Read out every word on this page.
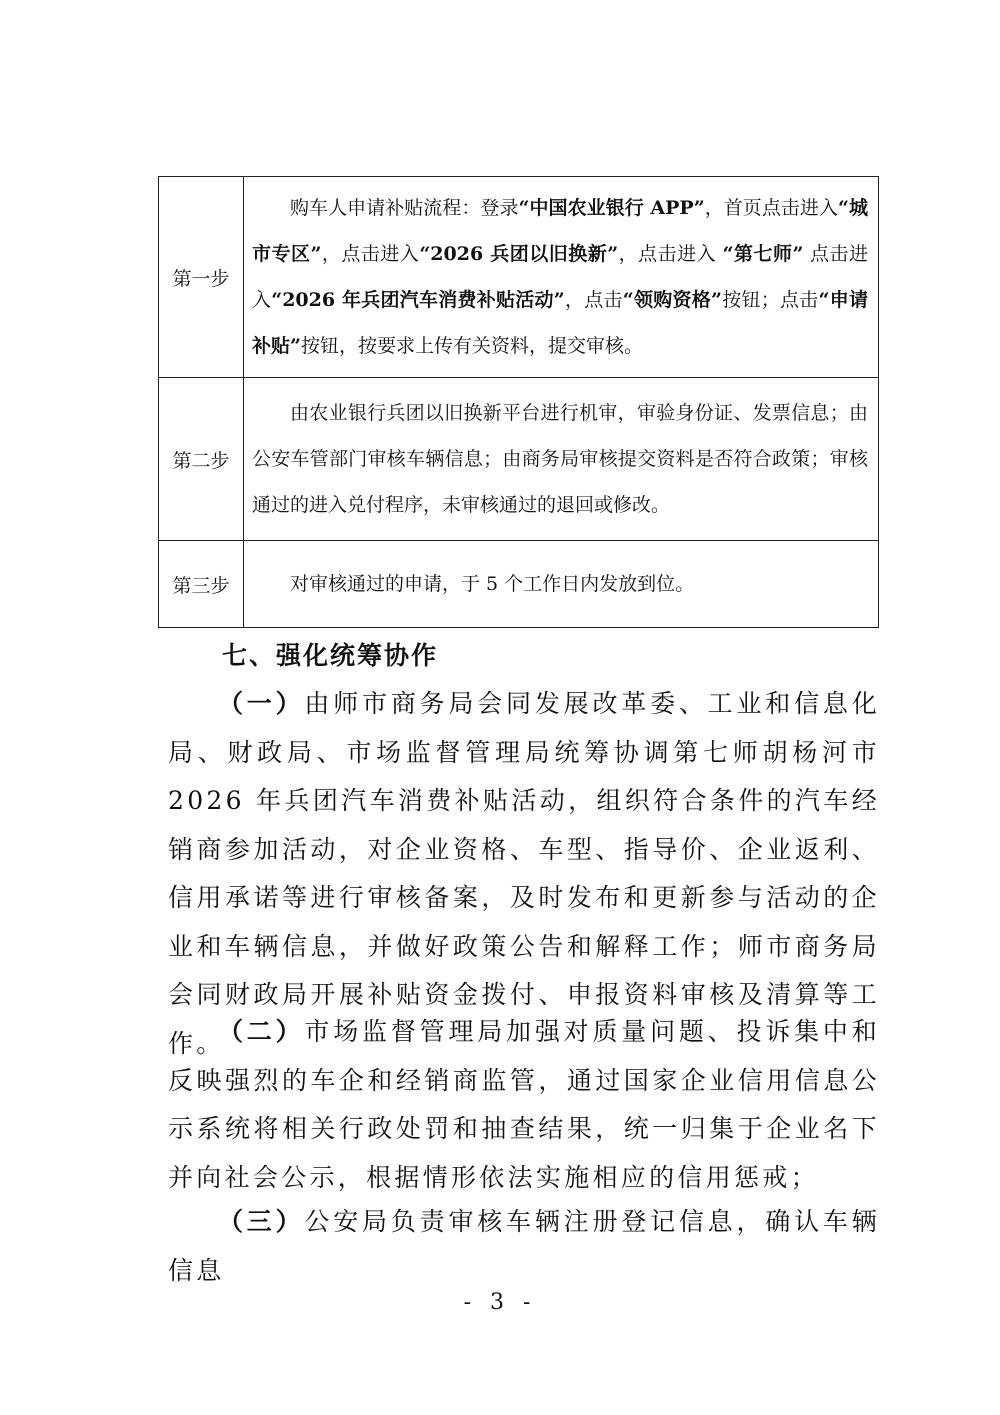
第一步	购车人申请补贴流程：登录“中国农业银行 APP”，首页点击进入“城市专区”，点击进入“2026 兵团以旧换新”，点击进入 “第七师” 点击进入“2026 年兵团汽车消费补贴活动”，点击“领购资格”按钮；点击“申请补贴”按钮，按要求上传有关资料，提交审核。

第二步	由农业银行兵团以旧换新平台进行机审，审验身份证、发票信息；由公安车管部门审核车辆信息；由商务局审核提交资料是否符合政策；审核通过的进入兑付程序，未审核通过的退回或修改。

第三步	对审核通过的申请，于 5 个工作日内发放到位。

七、强化统筹协作

（一）由师市商务局会同发展改革委、工业和信息化局、财政局、市场监督管理局统筹协调第七师胡杨河市 2026 年兵团汽车消费补贴活动，组织符合条件的汽车经销商参加活动，对企业资格、车型、指导价、企业返利、信用承诺等进行审核备案，及时发布和更新参与活动的企业和车辆信息，并做好政策公告和解释工作；师市商务局会同财政局开展补贴资金拨付、申报资料审核及清算等工作。

（二）市场监督管理局加强对质量问题、投诉集中和反映强烈的车企和经销商监管，通过国家企业信用信息公示系统将相关行政处罚和抽查结果，统一归集于企业名下并向社会公示，根据情形依法实施相应的信用惩戒；

（三）公安局负责审核车辆注册登记信息，确认车辆信息

- 3 -
